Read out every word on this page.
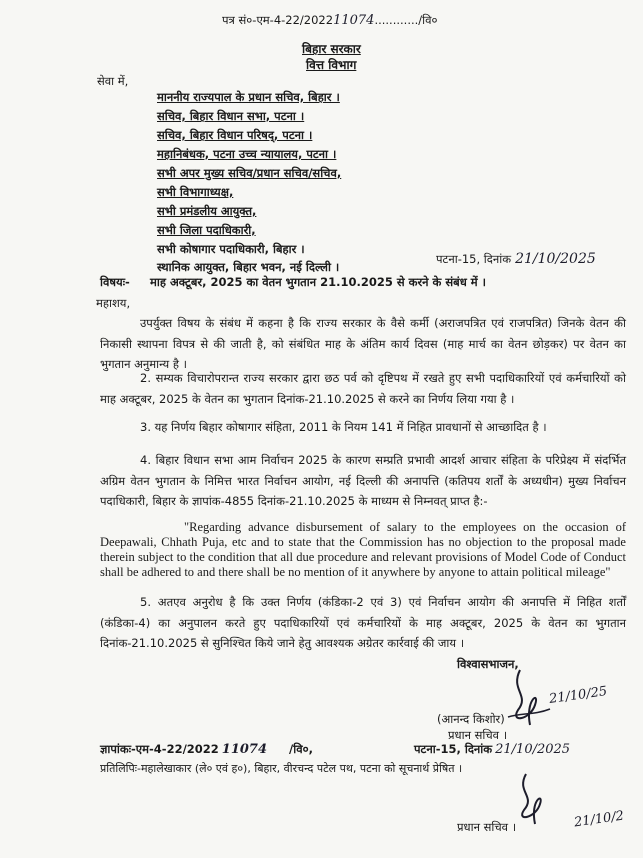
पत्र सं०-एम-4-22/202211074............/वि०
बिहार सरकार
वित्त विभाग
सेवा में,
माननीय राज्यपाल के प्रधान सचिव, बिहार ।
सचिव, बिहार विधान सभा, पटना ।
सचिव, बिहार विधान परिषद्, पटना ।
महानिबंधक, पटना उच्च न्यायालय, पटना ।
सभी अपर मुख्य सचिव/प्रधान सचिव/सचिव,
सभी विभागाध्यक्ष,
सभी प्रमंडलीय आयुक्त,
सभी जिला पदाधिकारी,
सभी कोषागार पदाधिकारी, बिहार ।
स्थानिक आयुक्त, बिहार भवन, नई दिल्ली ।
पटना-15, दिनांक 21/10/2025
विषयः- माह अक्टूबर, 2025 का वेतन भुगतान 21.10.2025 से करने के संबंध में ।
महाशय,
उपर्युक्त विषय के संबंध में कहना है कि राज्य सरकार के वैसे कर्मी (अराजपत्रित एवं राजपत्रित) जिनके वेतन की निकासी स्थापना विपत्र से की जाती है, को संबंधित माह के अंतिम कार्य दिवस (माह मार्च का वेतन छोड़कर) पर वेतन का भुगतान अनुमान्य है ।
2. सम्यक विचारोपरान्त राज्य सरकार द्वारा छठ पर्व को दृष्टिपथ में रखते हुए सभी पदाधिकारियों एवं कर्मचारियों को माह अक्टूबर, 2025 के वेतन का भुगतान दिनांक-21.10.2025 से करने का निर्णय लिया गया है ।
3. यह निर्णय बिहार कोषागार संहिता, 2011 के नियम 141 में निहित प्रावधानों से आच्छादित है ।
4. बिहार विधान सभा आम निर्वाचन 2025 के कारण सम्प्रति प्रभावी आदर्श आचार संहिता के परिप्रेक्ष्य में संदर्भित अग्रिम वेतन भुगतान के निमित्त भारत निर्वाचन आयोग, नई दिल्ली की अनापत्ति (कतिपय शर्तों के अध्यधीन) मुख्य निर्वाचन पदाधिकारी, बिहार के ज्ञापांक-4855 दिनांक-21.10.2025 के माध्यम से निम्नवत् प्राप्त है:-
"Regarding advance disbursement of salary to the employees on the occasion of Deepawali, Chhath Puja, etc and to state that the Commission has no objection to the proposal made therein subject to the condition that all due procedure and relevant provisions of Model Code of Conduct shall be adhered to and there shall be no mention of it anywhere by anyone to attain political mileage"
5. अतएव अनुरोध है कि उक्त निर्णय (कंडिका-2 एवं 3) एवं निर्वाचन आयोग की अनापत्ति में निहित शर्तों (कंडिका-4) का अनुपालन करते हुए पदाधिकारियों एवं कर्मचारियों के माह अक्टूबर, 2025 के वेतन का भुगतान दिनांक-21.10.2025 से सुनिश्चित किये जाने हेतु आवश्यक अग्रेतर कार्रवाई की जाय ।
विश्वासभाजन,
21/10/25
(आनन्द किशोर)
प्रधान सचिव ।
ज्ञापांकः-एम-4-22/2022 11074 /वि०,	पटना-15, दिनांक 21/10/2025
प्रतिलिपिः-महालेखाकार (ले० एवं ह०), बिहार, वीरचन्द पटेल पथ, पटना को सूचनार्थ प्रेषित ।
प्रधान सचिव ।	21/10/2
